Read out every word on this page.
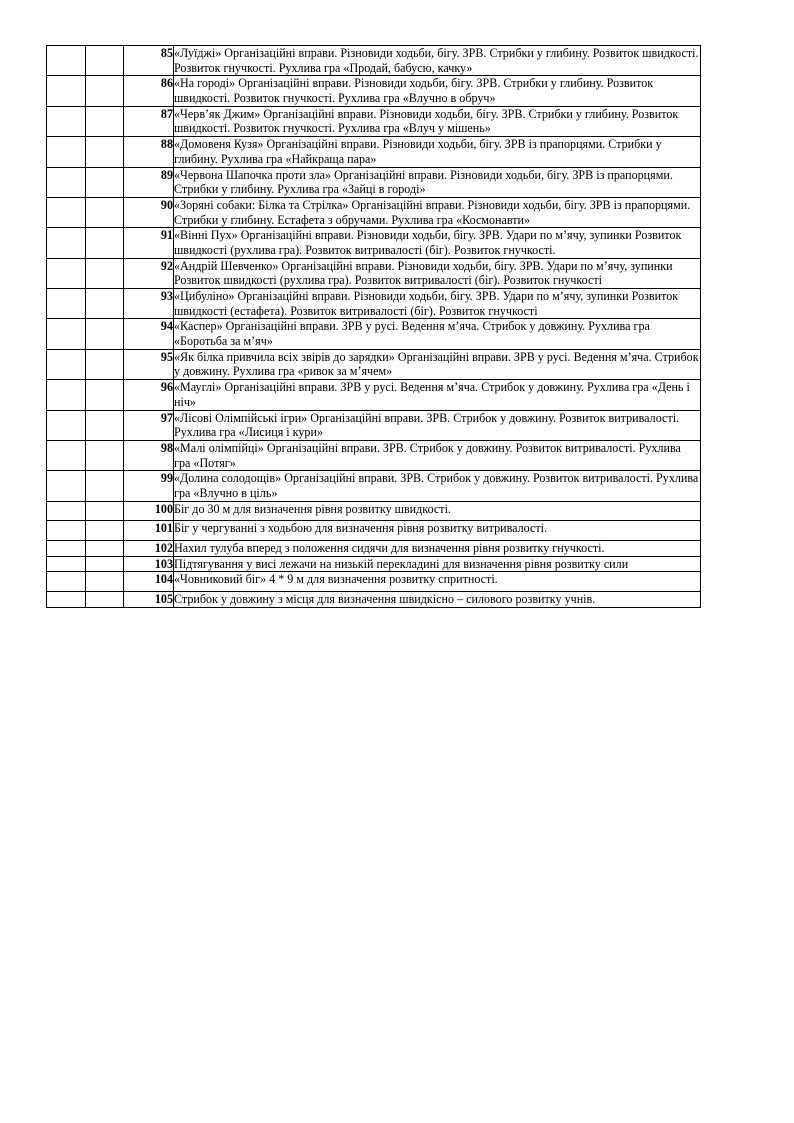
		85	«Луїджі» Організаційні вправи. Різновиди ходьби, бігу. ЗРВ. Стрибки у глибину. Розвиток швидкості. Розвиток гнучкості. Рухлива гра «Продай, бабусю, качку»

		86	«На городі» Організаційні вправи. Різновиди ходьби, бігу. ЗРВ. Стрибки у глибину. Розвиток швидкості. Розвиток гнучкості. Рухлива гра «Влучно в обруч»

		87	«Черв’як Джим» Організаційні вправи. Різновиди ходьби, бігу. ЗРВ. Стрибки у глибину. Розвиток швидкості. Розвиток гнучкості. Рухлива гра «Влуч у мішень»

		88	«Домовеня Кузя» Організаційні вправи. Різновиди ходьби, бігу. ЗРВ із прапорцями. Стрибки у глибину. Рухлива гра «Найкраща пара»

		89	«Червона Шапочка проти зла» Організаційні вправи. Різновиди ходьби, бігу. ЗРВ із прапорцями. Стрибки у глибину. Рухлива гра «Зайці в городі»

		90	«Зоряні собаки: Білка та Стрілка» Організаційні вправи. Різновиди ходьби, бігу. ЗРВ із прапорцями. Стрибки у глибину. Естафета з обручами. Рухлива гра «Космонавти»

		91	«Вінні Пух» Організаційні вправи. Різновиди ходьби, бігу. ЗРВ. Удари по м’ячу, зупинки Розвиток швидкості (рухлива гра). Розвиток витривалості (біг). Розвиток гнучкості.

		92	«Андрій Шевченко» Організаційні вправи. Різновиди ходьби, бігу. ЗРВ. Удари по м’ячу, зупинки Розвиток швидкості (рухлива гра). Розвиток витривалості (біг). Розвиток гнучкості

		93	«Цибуліно» Організаційні вправи. Різновиди ходьби, бігу. ЗРВ. Удари по м’ячу, зупинки Розвиток швидкості (естафета). Розвиток витривалості (біг). Розвиток гнучкості

		94	«Каспер» Організаційні вправи. ЗРВ у русі. Ведення м’яча. Стрибок у довжину. Рухлива гра «Боротьба за м’яч»

		95	«Як білка привчила всіх звірів до зарядки» Організаційні вправи. ЗРВ у русі. Ведення м’яча. Стрибок у довжину. Рухлива гра «ривок за м’ячем»

		96	«Мауглі» Організаційні вправи. ЗРВ у русі. Ведення м’яча. Стрибок у довжину. Рухлива гра «День і ніч»

		97	«Лісові Олімпійські ігри» Організаційні вправи. ЗРВ. Стрибок у довжину. Розвиток витривалості. Рухлива гра «Лисиця і кури»

		98	«Малі олімпійці» Організаційні вправи. ЗРВ. Стрибок у довжину. Розвиток витривалості. Рухлива гра «Потяг»

		99	«Долина солодощів» Організаційні вправи. ЗРВ. Стрибок у довжину. Розвиток витривалості. Рухлива гра «Влучно в ціль»

		100	Біг до 30 м для визначення рівня розвитку швидкості.

		101	Біг у чергуванні з ходьбою для визначення рівня розвитку витривалості.

		102	Нахил тулуба вперед з положення сидячи для визначення рівня розвитку гнучкості.

		103	Підтягування у висі лежачи на низькій перекладині для визначення рівня розвитку сили

		104	«Човниковий біг» 4 * 9 м для визначення розвитку спритності.

		105	Стрибок у довжину з місця для визначення швидкісно – силового розвитку учнів.
